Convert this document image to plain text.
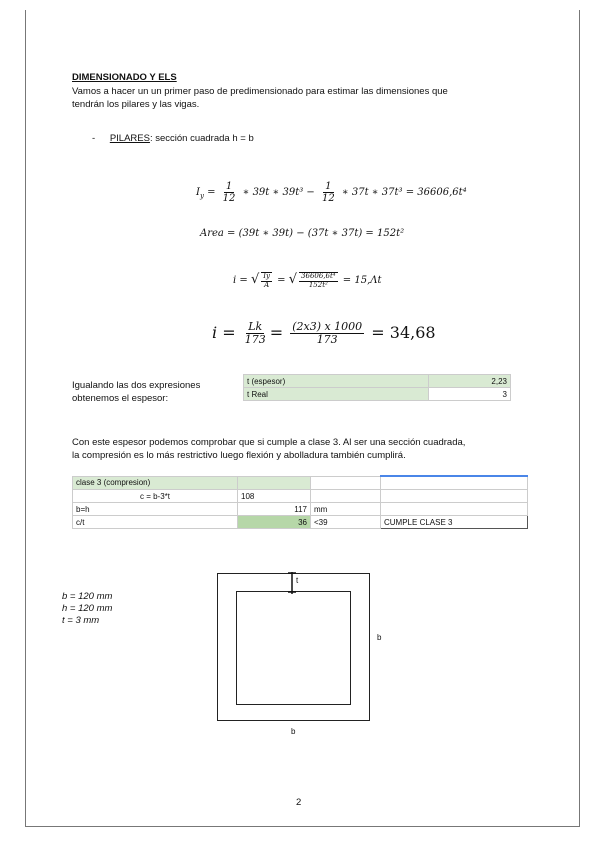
DIMENSIONADO Y ELS
Vamos a hacer un un primer paso de predimensionado para estimar las dimensiones que
tendrán los pilares y las vigas.
- PILARES: sección cuadrada h = b
$I_y = \frac{1}{12}$ ∗ 39t ∗ $39t^3 - \frac{1}{12}$ ∗ 37t ∗ 37t³ = 36606,6t⁴
Area = (39t ∗ 39t) − (37t ∗ 37t) = 152t²
i = √ $\frac{Iy}{A}$ = √ $\frac{\text{36606,6t⁴}}{\text{152t²}} = 15,\Lambda t$
$i = \frac{Lk}{173} = \frac{(2x3) x 1000}{173} = 34,68$
Igualando las dos expresiones
obtenemos el espesor:
t (espesor)	2,23
t Real	3
Con este espesor podemos comprobar que si cumple a clase 3. Al ser una sección cuadrada,
la compresión es lo más restrictivo luego flexión y abolladura también cumplirá.
clase 3 (compresion)			
c = b-3*t	108		
b=h	117	mm	
c/t	36	<39	CUMPLE CLASE 3
b = 120 mm
h = 120 mm
t = 3 mm
t
b
b
2
